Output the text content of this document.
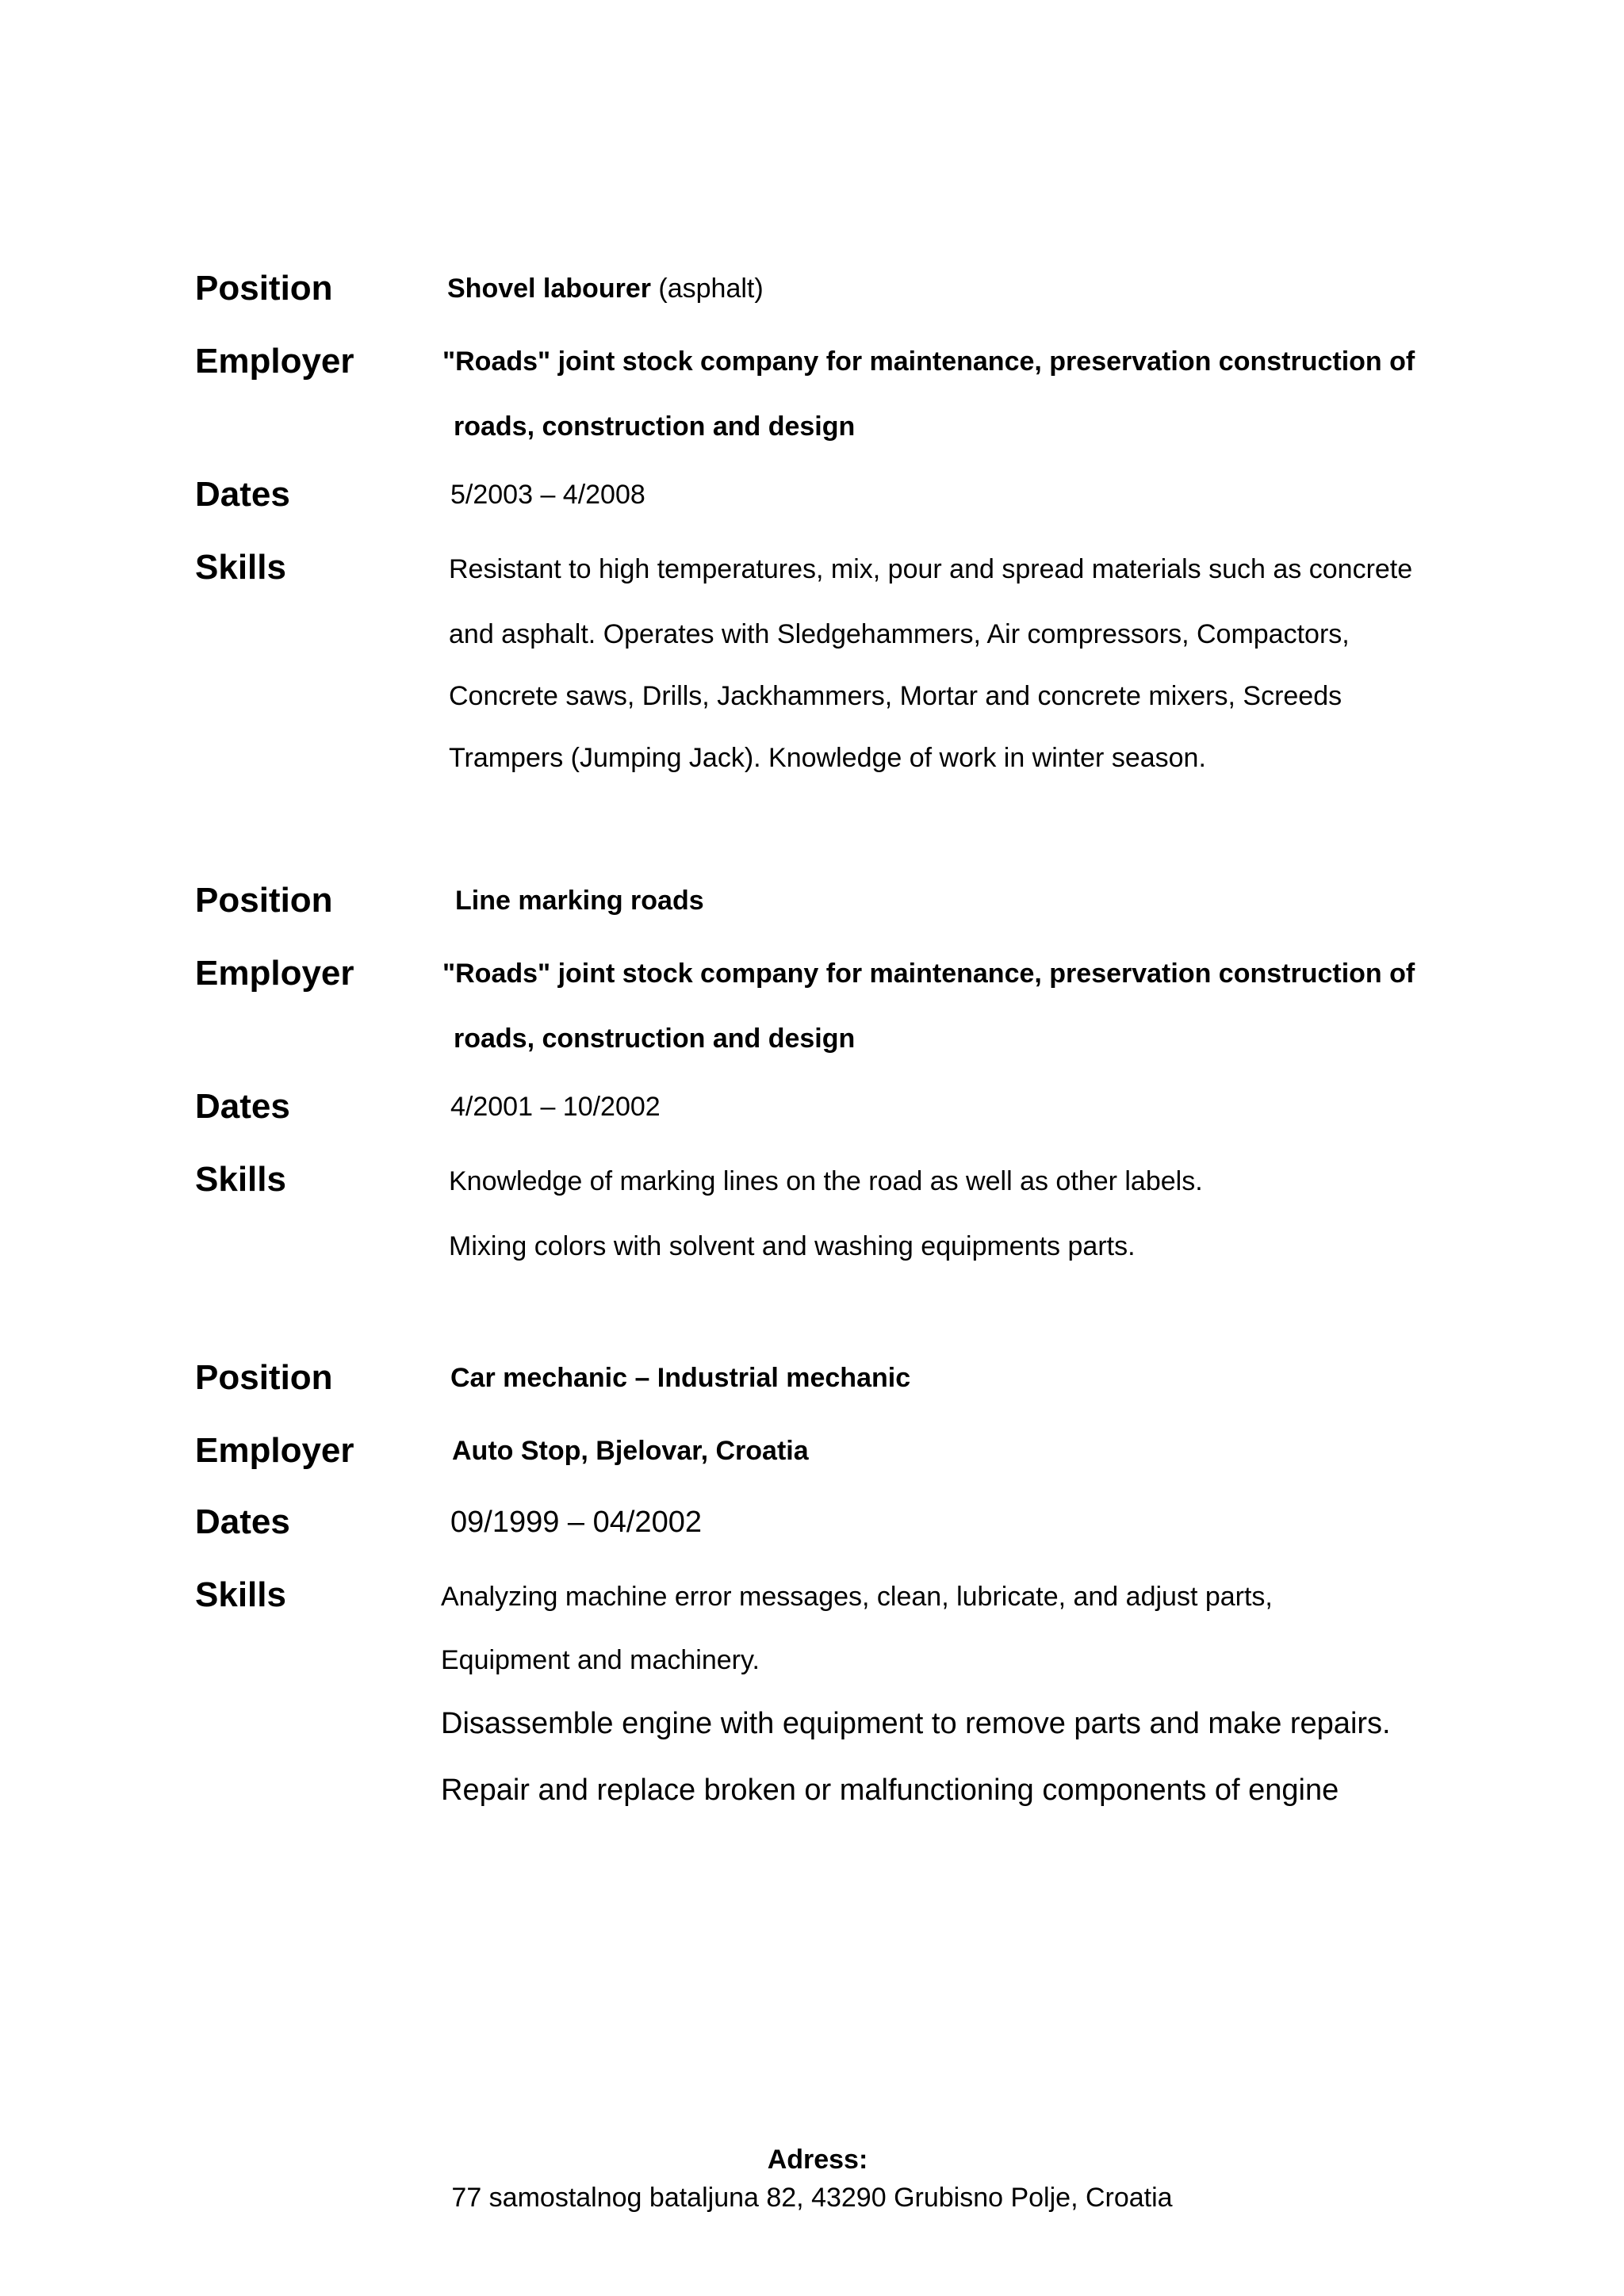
Position	Shovel labourer (asphalt)
Employer	"Roads" joint stock company for maintenance, preservation construction of
roads, construction and design
Dates	5/2003 – 4/2008
Skills	Resistant to high temperatures, mix, pour and spread materials such as concrete
and asphalt. Operates with Sledgehammers, Air compressors, Compactors,
Concrete saws, Drills, Jackhammers, Mortar and concrete mixers, Screeds
Trampers (Jumping Jack). Knowledge of work in winter season.
Position	Line marking roads
Employer	"Roads" joint stock company for maintenance, preservation construction of
roads, construction and design
Dates	4/2001 – 10/2002
Skills	Knowledge of marking lines on the road as well as other labels.
Mixing colors with solvent and washing equipments parts.
Position	Car mechanic – Industrial mechanic
Employer	Auto Stop, Bjelovar, Croatia
Dates	09/1999 – 04/2002
Skills	Analyzing machine error messages, clean, lubricate, and adjust parts,
Equipment and machinery.
Disassemble engine with equipment to remove parts and make repairs.
Repair and replace broken or malfunctioning components of engine
Adress:
77 samostalnog bataljuna 82, 43290 Grubisno Polje, Croatia
